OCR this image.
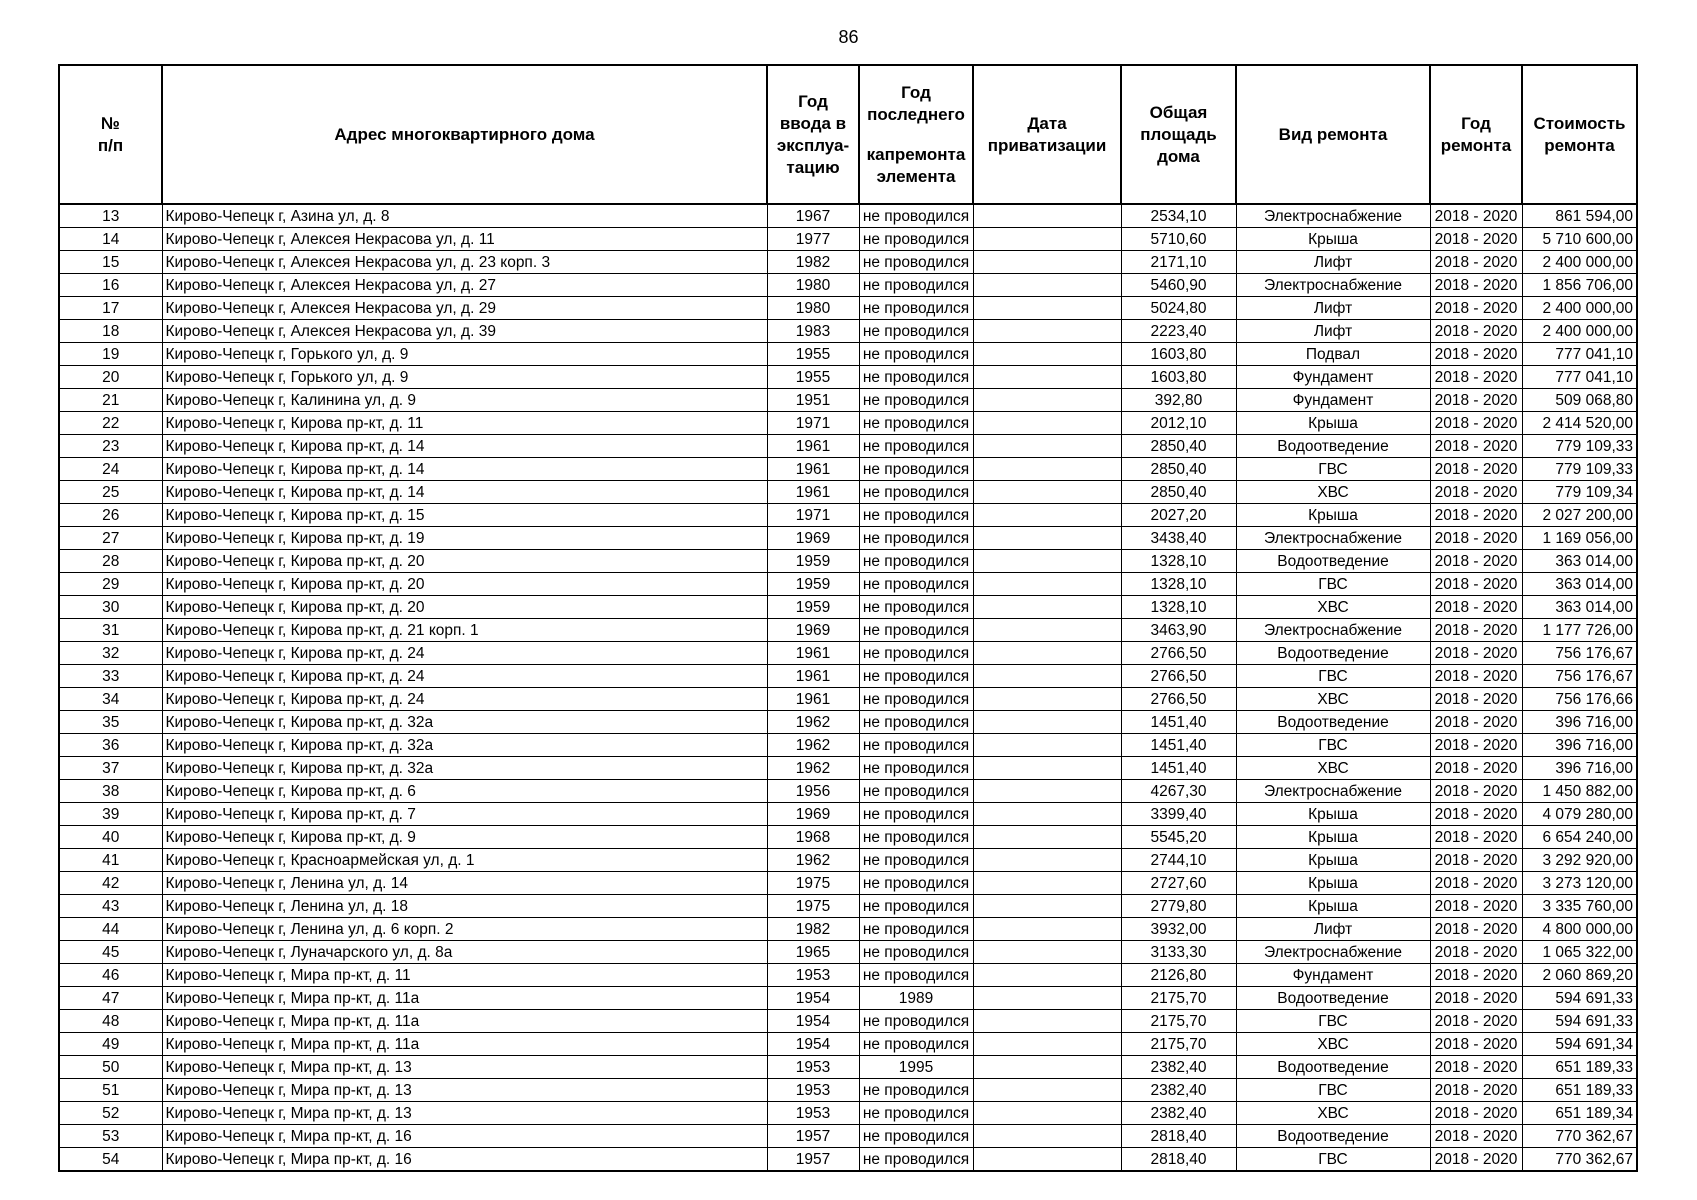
86
№
п/п	Адрес многоквартирного дома	Год
ввода в
эксплуа-
тацию	Год
последнего
капремонта
элемента	Дата
приватизации	Общая
площадь
дома	Вид ремонта	Год
ремонта	Стоимость
ремонта
13	Кирово-Чепецк г, Азина ул, д. 8	1967	не проводился		2534,10	Электроснабжение	2018 - 2020	861 594,00
14	Кирово-Чепецк г, Алексея Некрасова ул, д. 11	1977	не проводился		5710,60	Крыша	2018 - 2020	5 710 600,00
15	Кирово-Чепецк г, Алексея Некрасова ул, д. 23 корп. 3	1982	не проводился		2171,10	Лифт	2018 - 2020	2 400 000,00
16	Кирово-Чепецк г, Алексея Некрасова ул, д. 27	1980	не проводился		5460,90	Электроснабжение	2018 - 2020	1 856 706,00
17	Кирово-Чепецк г, Алексея Некрасова ул, д. 29	1980	не проводился		5024,80	Лифт	2018 - 2020	2 400 000,00
18	Кирово-Чепецк г, Алексея Некрасова ул, д. 39	1983	не проводился		2223,40	Лифт	2018 - 2020	2 400 000,00
19	Кирово-Чепецк г, Горького ул, д. 9	1955	не проводился		1603,80	Подвал	2018 - 2020	777 041,10
20	Кирово-Чепецк г, Горького ул, д. 9	1955	не проводился		1603,80	Фундамент	2018 - 2020	777 041,10
21	Кирово-Чепецк г, Калинина ул, д. 9	1951	не проводился		392,80	Фундамент	2018 - 2020	509 068,80
22	Кирово-Чепецк г, Кирова пр-кт, д. 11	1971	не проводился		2012,10	Крыша	2018 - 2020	2 414 520,00
23	Кирово-Чепецк г, Кирова пр-кт, д. 14	1961	не проводился		2850,40	Водоотведение	2018 - 2020	779 109,33
24	Кирово-Чепецк г, Кирова пр-кт, д. 14	1961	не проводился		2850,40	ГВС	2018 - 2020	779 109,33
25	Кирово-Чепецк г, Кирова пр-кт, д. 14	1961	не проводился		2850,40	ХВС	2018 - 2020	779 109,34
26	Кирово-Чепецк г, Кирова пр-кт, д. 15	1971	не проводился		2027,20	Крыша	2018 - 2020	2 027 200,00
27	Кирово-Чепецк г, Кирова пр-кт, д. 19	1969	не проводился		3438,40	Электроснабжение	2018 - 2020	1 169 056,00
28	Кирово-Чепецк г, Кирова пр-кт, д. 20	1959	не проводился		1328,10	Водоотведение	2018 - 2020	363 014,00
29	Кирово-Чепецк г, Кирова пр-кт, д. 20	1959	не проводился		1328,10	ГВС	2018 - 2020	363 014,00
30	Кирово-Чепецк г, Кирова пр-кт, д. 20	1959	не проводился		1328,10	ХВС	2018 - 2020	363 014,00
31	Кирово-Чепецк г, Кирова пр-кт, д. 21 корп. 1	1969	не проводился		3463,90	Электроснабжение	2018 - 2020	1 177 726,00
32	Кирово-Чепецк г, Кирова пр-кт, д. 24	1961	не проводился		2766,50	Водоотведение	2018 - 2020	756 176,67
33	Кирово-Чепецк г, Кирова пр-кт, д. 24	1961	не проводился		2766,50	ГВС	2018 - 2020	756 176,67
34	Кирово-Чепецк г, Кирова пр-кт, д. 24	1961	не проводился		2766,50	ХВС	2018 - 2020	756 176,66
35	Кирово-Чепецк г, Кирова пр-кт, д. 32а	1962	не проводился		1451,40	Водоотведение	2018 - 2020	396 716,00
36	Кирово-Чепецк г, Кирова пр-кт, д. 32а	1962	не проводился		1451,40	ГВС	2018 - 2020	396 716,00
37	Кирово-Чепецк г, Кирова пр-кт, д. 32а	1962	не проводился		1451,40	ХВС	2018 - 2020	396 716,00
38	Кирово-Чепецк г, Кирова пр-кт, д. 6	1956	не проводился		4267,30	Электроснабжение	2018 - 2020	1 450 882,00
39	Кирово-Чепецк г, Кирова пр-кт, д. 7	1969	не проводился		3399,40	Крыша	2018 - 2020	4 079 280,00
40	Кирово-Чепецк г, Кирова пр-кт, д. 9	1968	не проводился		5545,20	Крыша	2018 - 2020	6 654 240,00
41	Кирово-Чепецк г, Красноармейская ул, д. 1	1962	не проводился		2744,10	Крыша	2018 - 2020	3 292 920,00
42	Кирово-Чепецк г, Ленина ул, д. 14	1975	не проводился		2727,60	Крыша	2018 - 2020	3 273 120,00
43	Кирово-Чепецк г, Ленина ул, д. 18	1975	не проводился		2779,80	Крыша	2018 - 2020	3 335 760,00
44	Кирово-Чепецк г, Ленина ул, д. 6 корп. 2	1982	не проводился		3932,00	Лифт	2018 - 2020	4 800 000,00
45	Кирово-Чепецк г, Луначарского ул, д. 8а	1965	не проводился		3133,30	Электроснабжение	2018 - 2020	1 065 322,00
46	Кирово-Чепецк г, Мира пр-кт, д. 11	1953	не проводился		2126,80	Фундамент	2018 - 2020	2 060 869,20
47	Кирово-Чепецк г, Мира пр-кт, д. 11а	1954	1989		2175,70	Водоотведение	2018 - 2020	594 691,33
48	Кирово-Чепецк г, Мира пр-кт, д. 11а	1954	не проводился		2175,70	ГВС	2018 - 2020	594 691,33
49	Кирово-Чепецк г, Мира пр-кт, д. 11а	1954	не проводился		2175,70	ХВС	2018 - 2020	594 691,34
50	Кирово-Чепецк г, Мира пр-кт, д. 13	1953	1995		2382,40	Водоотведение	2018 - 2020	651 189,33
51	Кирово-Чепецк г, Мира пр-кт, д. 13	1953	не проводился		2382,40	ГВС	2018 - 2020	651 189,33
52	Кирово-Чепецк г, Мира пр-кт, д. 13	1953	не проводился		2382,40	ХВС	2018 - 2020	651 189,34
53	Кирово-Чепецк г, Мира пр-кт, д. 16	1957	не проводился		2818,40	Водоотведение	2018 - 2020	770 362,67
54	Кирово-Чепецк г, Мира пр-кт, д. 16	1957	не проводился		2818,40	ГВС	2018 - 2020	770 362,67
